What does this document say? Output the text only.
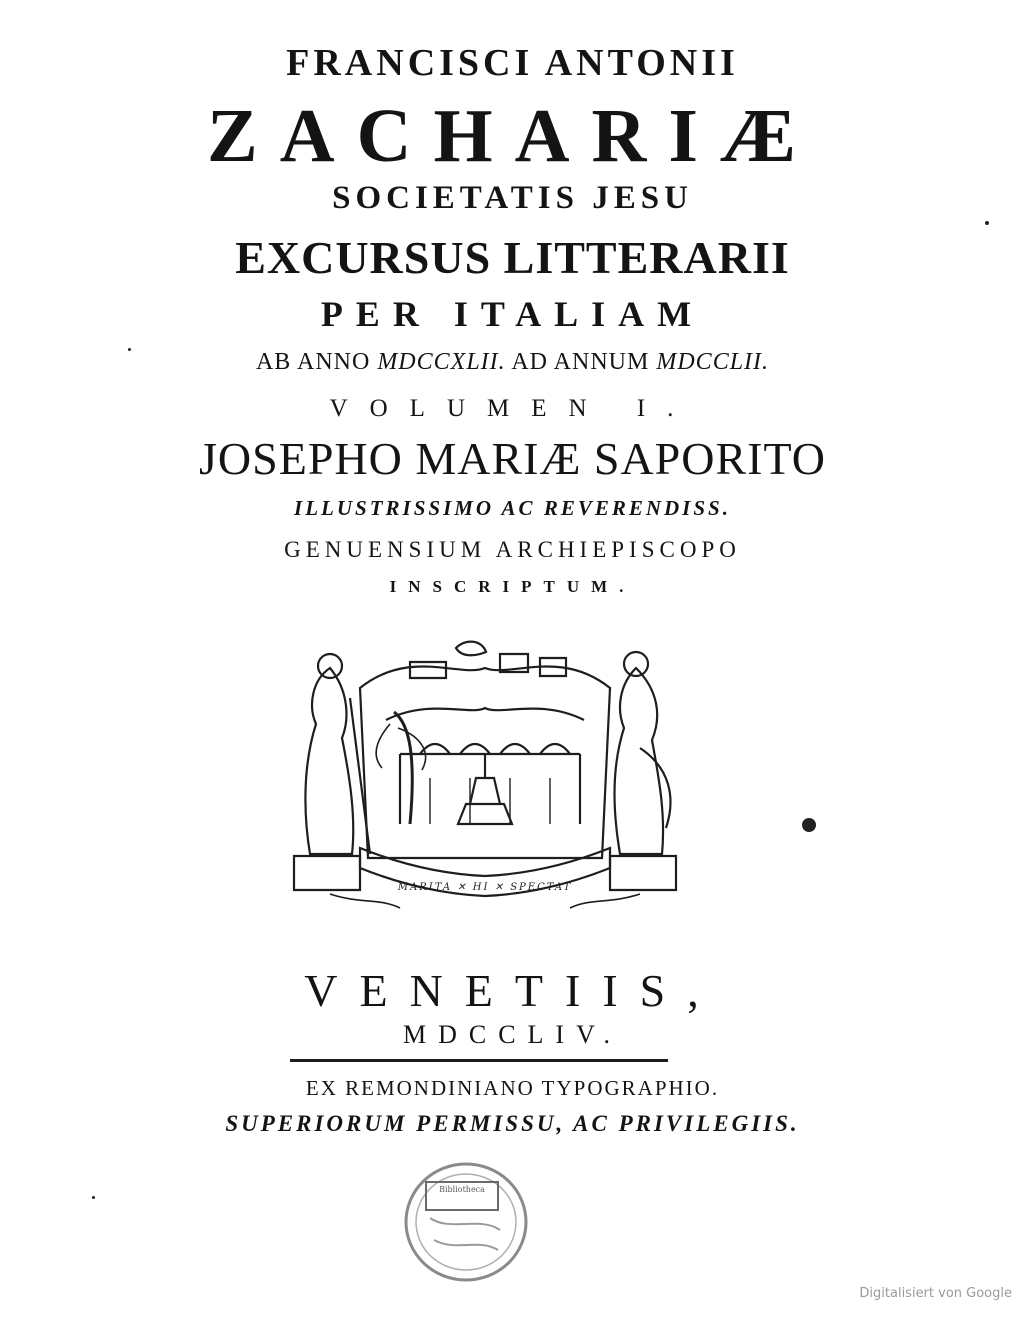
FRANCISCI ANTONII
ZACHARIÆ
SOCIETATIS JESU
EXCURSUS LITTERARII
PER ITALIAM
AB ANNO MDCCXLII. AD ANNUM MDCCLII.
VOLUMEN I.
JOSEPHO MARIÆ SAPORITO
ILLUSTRISSIMO AC REVERENDISS.
GENUENSIUM ARCHIEPISCOPO
INSCRIPTUM.
MARITA ✕ HI ✕ SPECTAT
VENETIIS,
MDCCLIV.
EX REMONDINIANO TYPOGRAPHIO.
SUPERIORUM PERMISSU, AC PRIVILEGIIS.
Bibliotheca
Digitalisiert von Google
